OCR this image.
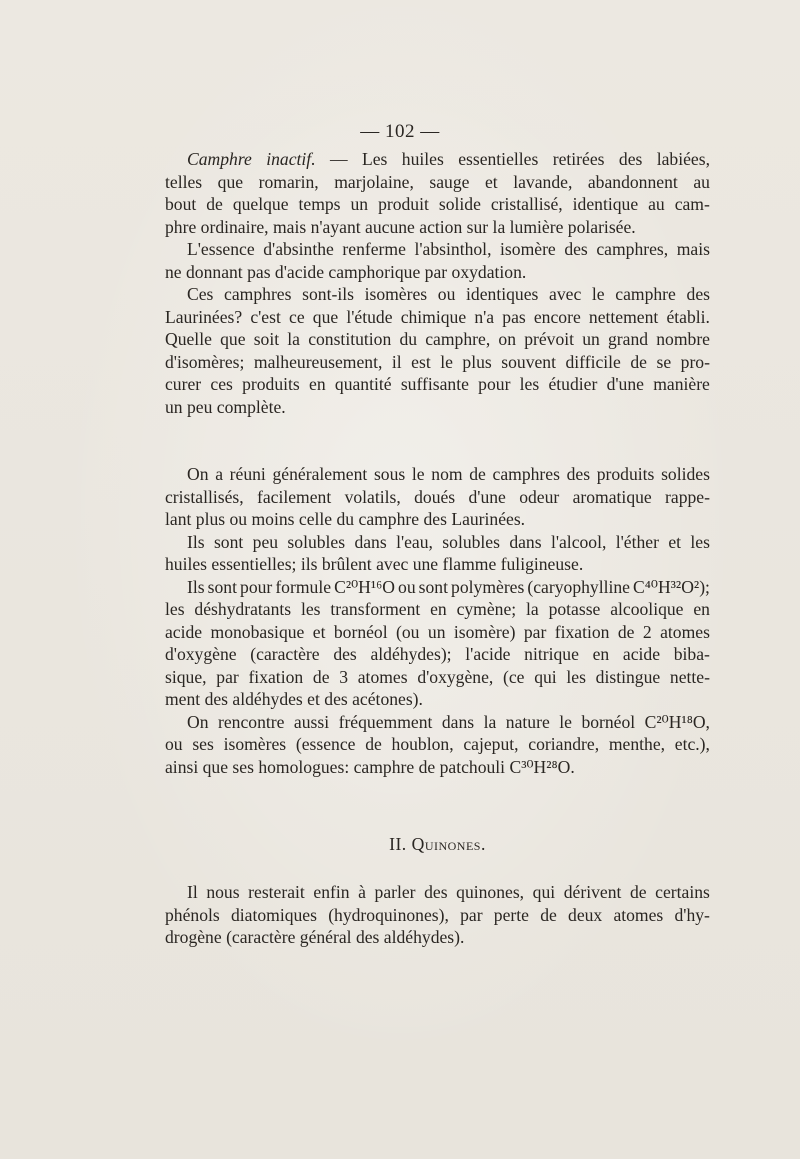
— 102 —
Camphre inactif. — Les huiles essentielles retirées des labiées,
telles que romarin, marjolaine, sauge et lavande, abandonnent au
bout de quelque temps un produit solide cristallisé, identique au cam-
phre ordinaire, mais n'ayant aucune action sur la lumière polarisée.
L'essence d'absinthe renferme l'absinthol, isomère des camphres, mais
ne donnant pas d'acide camphorique par oxydation.
Ces camphres sont-ils isomères ou identiques avec le camphre des
Laurinées? c'est ce que l'étude chimique n'a pas encore nettement établi.
Quelle que soit la constitution du camphre, on prévoit un grand nombre
d'isomères; malheureusement, il est le plus souvent difficile de se pro-
curer ces produits en quantité suffisante pour les étudier d'une manière
un peu complète.
On a réuni généralement sous le nom de camphres des produits solides
cristallisés, facilement volatils, doués d'une odeur aromatique rappe-
lant plus ou moins celle du camphre des Laurinées.
Ils sont peu solubles dans l'eau, solubles dans l'alcool, l'éther et les
huiles essentielles; ils brûlent avec une flamme fuligineuse.
Ils sont pour formule C²⁰H¹⁶O ou sont polymères (caryophylline C⁴⁰H³²O²);
les déshydratants les transforment en cymène; la potasse alcoolique en
acide monobasique et bornéol (ou un isomère) par fixation de 2 atomes
d'oxygène (caractère des aldéhydes); l'acide nitrique en acide biba-
sique, par fixation de 3 atomes d'oxygène, (ce qui les distingue nette-
ment des aldéhydes et des acétones).
On rencontre aussi fréquemment dans la nature le bornéol C²⁰H¹⁸O,
ou ses isomères (essence de houblon, cajeput, coriandre, menthe, etc.),
ainsi que ses homologues: camphre de patchouli C³⁰H²⁸O.
II. Quinones.
Il nous resterait enfin à parler des quinones, qui dérivent de certains
phénols diatomiques (hydroquinones), par perte de deux atomes d'hy-
drogène (caractère général des aldéhydes).
